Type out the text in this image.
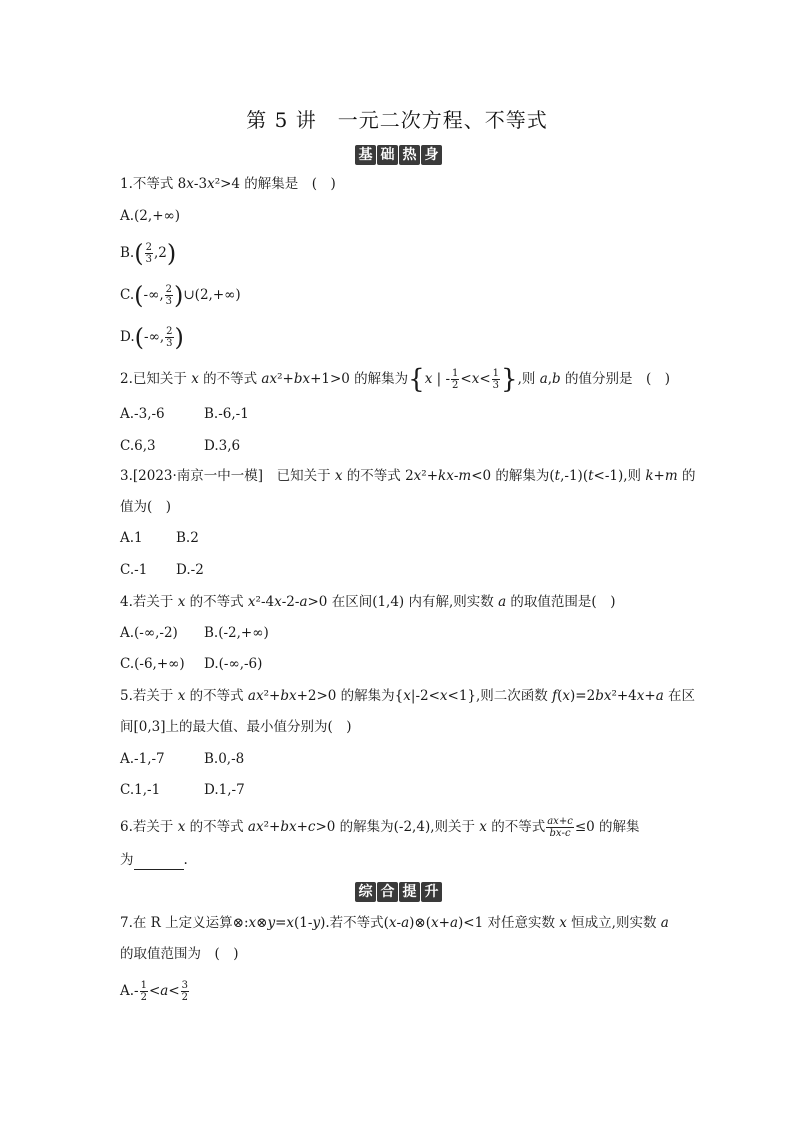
第 5 讲　一元二次方程、不等式
基 础 热 身
1.不等式 8x-3x²>4 的解集是　(　)
A.(2,+∞)
$B.( \frac{2}{3} ,2)$
C.(-∞, $\frac{2}{3}$ )∪(2,+∞)
D.(-∞, $\frac{2}{3}$ )
2.已知关于 x 的不等式 ax²+bx+1>0 的解集为{x | - $\frac{1}{2} <x< \frac{1}{3}$ },则 a,b 的值分别是　(　)
A.-3,-6	B.-6,-1
C.6,3	D.3,6
3.[2023·南京一中一模]　已知关于 x 的不等式 2x²+kx-m<0 的解集为(t,-1)(t<-1),则 k+m 的
值为(　)
A.1 B.2
C.-1 D.-2
4.若关于 x 的不等式 x²-4x-2-a>0 在区间(1,4) 内有解,则实数 a 的取值范围是(　)
A.(-∞,-2) B.(-2,+∞)
C.(-6,+∞) D.(-∞,-6)
5.若关于 x 的不等式 ax²+bx+2>0 的解集为{x|-2<x<1},则二次函数 f(x)=2bx²+4x+a 在区
间[0,3]上的最大值、最小值分别为(　)
A.-1,-7	B.0,-8
C.1,-1	D.1,-7
6.若关于 x 的不等式 ax²+bx+c>0 的解集为(-2,4),则关于 x 的不等式 $\frac{ax+c}{bx-c} \le 0$ 的解集
为	.
综 合 提 升
7.在 R 上定义运算⊗:x⊗y=x(1-y).若不等式(x-a)⊗(x+a)<1 对任意实数 x 恒成立,则实数 a
的取值范围为　(　)
$A.- \frac{1}{2} <a< \frac{3}{2}$
